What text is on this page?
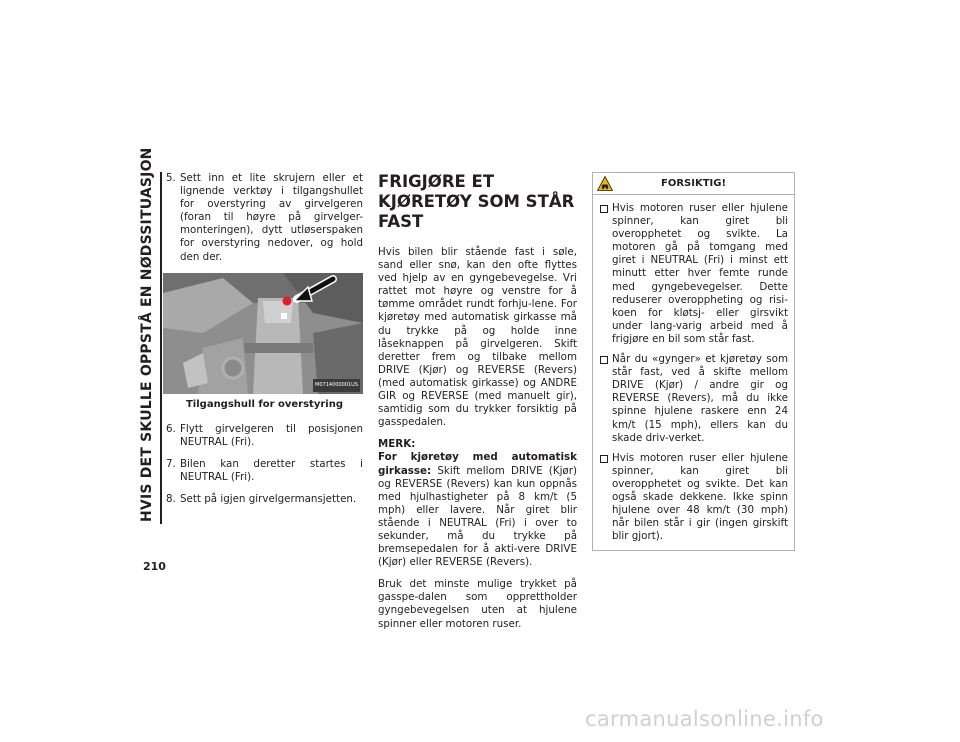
HVIS DET SKULLE OPPSTÅ EN NØDSSITUASJON
210
5. Sett inn et lite skrujern eller et lignende verktøy i tilgangshullet for overstyring av girvelgeren (foran til høyre på girvelger-monteringen), dytt utløserspaken for overstyring nedover, og hold den der.
M0714000001US
Tilgangshull for overstyring
6. Flytt girvelgeren til posisjonen NEUTRAL (Fri).
7. Bilen kan deretter startes i NEUTRAL (Fri).
8. Sett på igjen girvelgermansjetten.
FRIGJØRE ET KJØRETØY SOM STÅR FAST
Hvis bilen blir stående fast i søle, sand eller snø, kan den ofte flyttes ved hjelp av en gyngebevegelse. Vri rattet mot høyre og venstre for å tømme området rundt forhju-lene. For kjøretøy med automatisk girkasse må du trykke på og holde inne låseknappen på girvelgeren. Skift deretter frem og tilbake mellom DRIVE (Kjør) og REVERSE (Revers) (med automatisk girkasse) og ANDRE GIR og REVERSE (med manuelt gir), samtidig som du trykker forsiktig på gasspedalen.
MERK:
For kjøretøy med automatisk girkasse: Skift mellom DRIVE (Kjør) og REVERSE (Revers) kan kun oppnås med hjulhastigheter på 8 km/t (5 mph) eller lavere. Når giret blir stående i NEUTRAL (Fri) i over to sekunder, må du trykke på bremsepedalen for å akti-vere DRIVE (Kjør) eller REVERSE (Revers).
Bruk det minste mulige trykket på gasspe-dalen som opprettholder gyngebevegelsen uten at hjulene spinner eller motoren ruser.
FORSIKTIG!
Hvis motoren ruser eller hjulene spinner, kan giret bli overopphetet og svikte. La motoren gå på tomgang med giret i NEUTRAL (Fri) i minst ett minutt etter hver femte runde med gyngebevegelser. Dette reduserer overoppheting og risi-koen for kløtsj- eller girsvikt under lang-varig arbeid med å frigjøre en bil som står fast.
Når du «gynger» et kjøretøy som står fast, ved å skifte mellom DRIVE (Kjør) / andre gir og REVERSE (Revers), må du ikke spinne hjulene raskere enn 24 km/t (15 mph), ellers kan du skade driv-verket.
Hvis motoren ruser eller hjulene spinner, kan giret bli overopphetet og svikte. Det kan også skade dekkene. Ikke spinn hjulene over 48 km/t (30 mph) når bilen står i gir (ingen girskift blir gjort).
carmanualsonline.info
